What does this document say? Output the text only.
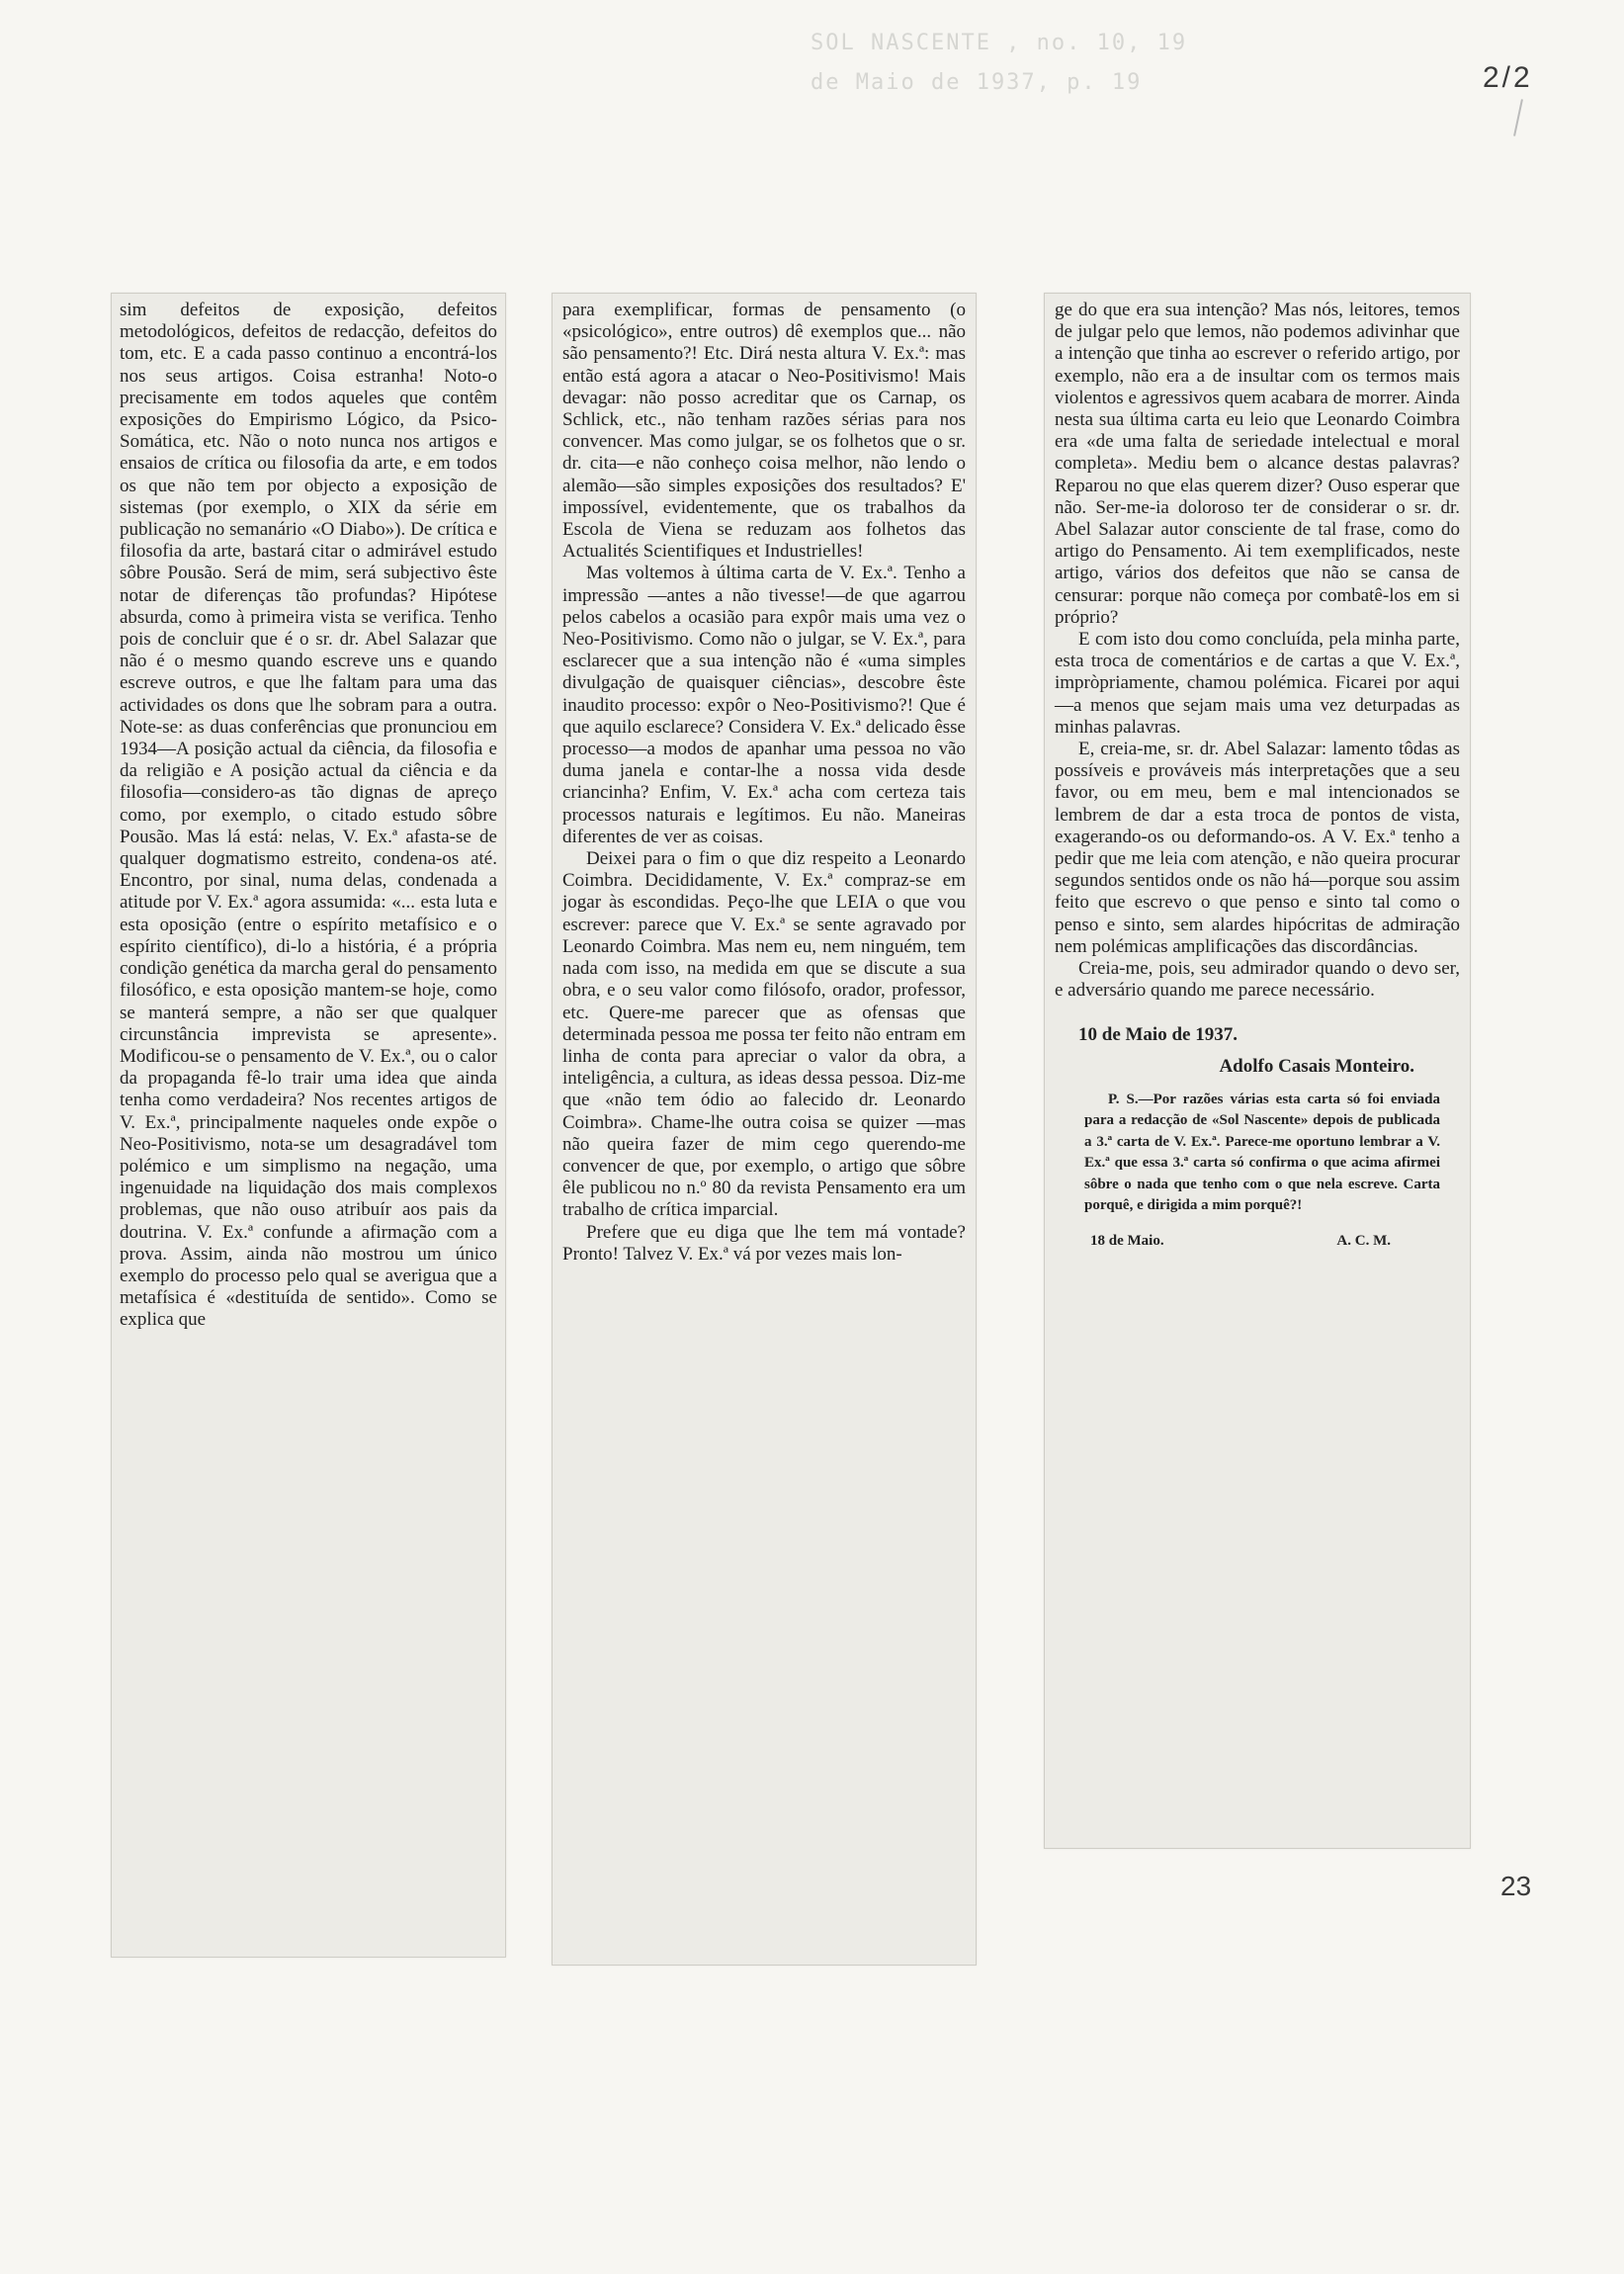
SOL NASCENTE , no. 10, 19
de Maio de 1937, p. 19	2/2

sim defeitos de exposição, defeitos metodológicos, defeitos de redacção, defeitos do tom, etc. E a cada passo continuo a encontrá-los nos seus artigos. Coisa estranha! Noto-o precisamente em todos aqueles que contêm exposições do Empirismo Lógico, da Psico-Somática, etc. Não o noto nunca nos artigos e ensaios de crítica ou filosofia da arte, e em todos os que não tem por objecto a exposição de sistemas (por exemplo, o XIX da série em publicação no semanário «O Diabo»). De crítica e filosofia da arte, bastará citar o admirável estudo sôbre Pousão. Será de mim, será subjectivo êste notar de diferenças tão profundas? Hipótese absurda, como à primeira vista se verifica. Tenho pois de concluir que é o sr. dr. Abel Salazar que não é o mesmo quando escreve uns e quando escreve outros, e que lhe faltam para uma das actividades os dons que lhe sobram para a outra. Note-se: as duas conferências que pronunciou em 1934—A posição actual da ciência, da filosofia e da religião e A posição actual da ciência e da filosofia—considero-as tão dignas de apreço como, por exemplo, o citado estudo sôbre Pousão. Mas lá está: nelas, V. Ex.ª afasta-se de qualquer dogmatismo estreito, condena-os até. Encontro, por sinal, numa delas, condenada a atitude por V. Ex.ª agora assumida: «... esta luta e esta oposição (entre o espírito metafísico e o espírito científico), di-lo a história, é a própria condição genética da marcha geral do pensamento filosófico, e esta oposição mantem-se hoje, como se manterá sempre, a não ser que qualquer circunstância imprevista se apresente». Modificou-se o pensamento de V. Ex.ª, ou o calor da propaganda fê-lo trair uma idea que ainda tenha como verdadeira? Nos recentes artigos de V. Ex.ª, principalmente naqueles onde expõe o Neo-Positivismo, nota-se um desagradável tom polémico e um simplismo na negação, uma ingenuidade na liquidação dos mais complexos problemas, que não ouso atribuír aos pais da doutrina. V. Ex.ª confunde a afirmação com a prova. Assim, ainda não mostrou um único exemplo do processo pelo qual se averigua que a metafísica é «destituída de sentido». Como se explica que

para exemplificar, formas de pensamento (o «psicológico», entre outros) dê exemplos que... não são pensamento?! Etc. Dirá nesta altura V. Ex.ª: mas então está agora a atacar o Neo-Positivismo! Mais devagar: não posso acreditar que os Carnap, os Schlick, etc., não tenham razões sérias para nos convencer. Mas como julgar, se os folhetos que o sr. dr. cita—e não conheço coisa melhor, não lendo o alemão—são simples exposições dos resultados? E' impossível, evidentemente, que os trabalhos da Escola de Viena se reduzam aos folhetos das Actualités Scientifiques et Industrielles!

Mas voltemos à última carta de V. Ex.ª. Tenho a impressão —antes a não tivesse!—de que agarrou pelos cabelos a ocasião para expôr mais uma vez o Neo-Positivismo. Como não o julgar, se V. Ex.ª, para esclarecer que a sua intenção não é «uma simples divulgação de quaisquer ciências», descobre êste inaudito processo: expôr o Neo-Positivismo?! Que é que aquilo esclarece? Considera V. Ex.ª delicado êsse processo—a modos de apanhar uma pessoa no vão duma janela e contar-lhe a nossa vida desde criancinha? Enfim, V. Ex.ª acha com certeza tais processos naturais e legítimos. Eu não. Maneiras diferentes de ver as coisas.

Deixei para o fim o que diz respeito a Leonardo Coimbra. Decididamente, V. Ex.ª compraz-se em jogar às escondidas. Peço-lhe que LEIA o que vou escrever: parece que V. Ex.ª se sente agravado por Leonardo Coimbra. Mas nem eu, nem ninguém, tem nada com isso, na medida em que se discute a sua obra, e o seu valor como filósofo, orador, professor, etc. Quere-me parecer que as ofensas que determinada pessoa me possa ter feito não entram em linha de conta para apreciar o valor da obra, a inteligência, a cultura, as ideas dessa pessoa. Diz-me que «não tem ódio ao falecido dr. Leonardo Coimbra». Chame-lhe outra coisa se quizer —mas não queira fazer de mim cego querendo-me convencer de que, por exemplo, o artigo que sôbre êle publicou no n.º 80 da revista Pensamento era um trabalho de crítica imparcial.

Prefere que eu diga que lhe tem má vontade? Pronto! Talvez V. Ex.ª vá por vezes mais lon-

ge do que era sua intenção? Mas nós, leitores, temos de julgar pelo que lemos, não podemos adivinhar que a intenção que tinha ao escrever o referido artigo, por exemplo, não era a de insultar com os termos mais violentos e agressivos quem acabara de morrer. Ainda nesta sua última carta eu leio que Leonardo Coimbra era «de uma falta de seriedade intelectual e moral completa». Mediu bem o alcance destas palavras? Reparou no que elas querem dizer? Ouso esperar que não. Ser-me-ia doloroso ter de considerar o sr. dr. Abel Salazar autor consciente de tal frase, como do artigo do Pensamento. Ai tem exemplificados, neste artigo, vários dos defeitos que não se cansa de censurar: porque não começa por combatê-los em si próprio?

E com isto dou como concluída, pela minha parte, esta troca de comentários e de cartas a que V. Ex.ª, impròpriamente, chamou polémica. Ficarei por aqui—a menos que sejam mais uma vez deturpadas as minhas palavras.

E, creia-me, sr. dr. Abel Salazar: lamento tôdas as possíveis e prováveis más interpretações que a seu favor, ou em meu, bem e mal intencionados se lembrem de dar a esta troca de pontos de vista, exagerando-os ou deformando-os. A V. Ex.ª tenho a pedir que me leia com atenção, e não queira procurar segundos sentidos onde os não há—porque sou assim feito que escrevo o que penso e sinto tal como o penso e sinto, sem alardes hipócritas de admiração nem polémicas amplificações das discordâncias.

Creia-me, pois, seu admirador quando o devo ser, e adversário quando me parece necessário.

10 de Maio de 1937.

Adolfo Casais Monteiro.

P. S.—Por razões várias esta carta só foi enviada para a redacção de «Sol Nascente» depois de publicada a 3.ª carta de V. Ex.ª. Parece-me oportuno lembrar a V. Ex.ª que essa 3.ª carta só confirma o que acima afirmei sôbre o nada que tenho com o que nela escreve. Carta porquê, e dirigida a mim porquê?!

18 de Maio.	A. C. M.
23
